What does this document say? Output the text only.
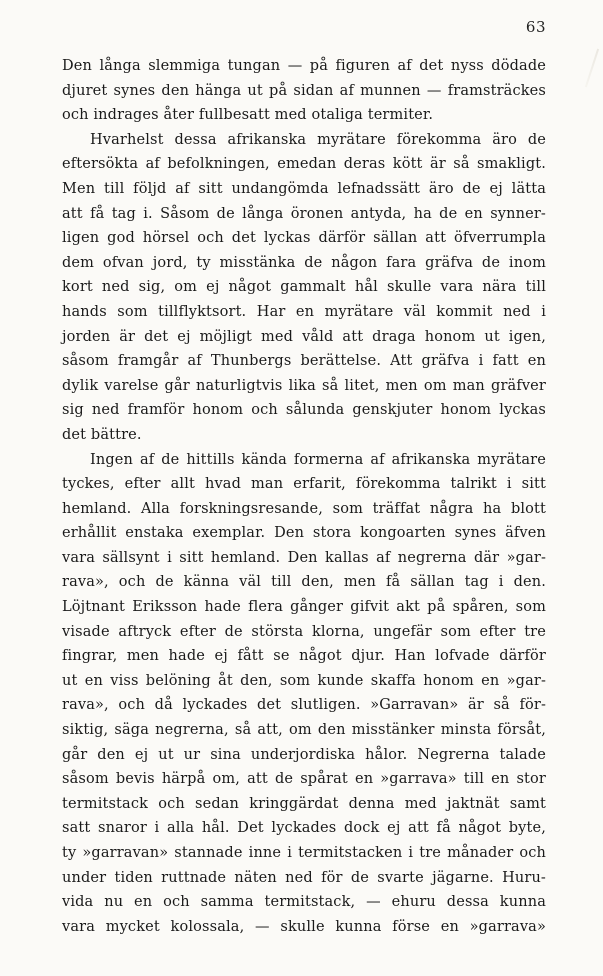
63
Den långa slemmiga tungan — på figuren af det nyss dödade
djuret synes den hänga ut på sidan af munnen — framsträckes
och indrages åter fullbesatt med otaliga termiter.
Hvarhelst dessa afrikanska myrätare förekomma äro de
eftersökta af befolkningen, emedan deras kött är så smakligt.
Men till följd af sitt undangömda lefnadssätt äro de ej lätta
att få tag i. Såsom de långa öronen antyda, ha de en synner-
ligen god hörsel och det lyckas därför sällan att öfverrumpla
dem ofvan jord, ty misstänka de någon fara gräfva de inom
kort ned sig, om ej något gammalt hål skulle vara nära till
hands som tillflyktsort. Har en myrätare väl kommit ned i
jorden är det ej möjligt med våld att draga honom ut igen,
såsom framgår af Thunbergs berättelse. Att gräfva i fatt en
dylik varelse går naturligtvis lika så litet, men om man gräfver
sig ned framför honom och sålunda genskjuter honom lyckas
det bättre.
Ingen af de hittills kända formerna af afrikanska myrätare
tyckes, efter allt hvad man erfarit, förekomma talrikt i sitt
hemland. Alla forskningsresande, som träffat några ha blott
erhållit enstaka exemplar. Den stora kongoarten synes äfven
vara sällsynt i sitt hemland. Den kallas af negrerna där »gar-
rava», och de känna väl till den, men få sällan tag i den.
Löjtnant Eriksson hade flera gånger gifvit akt på spåren, som
visade aftryck efter de största klorna, ungefär som efter tre
fingrar, men hade ej fått se något djur. Han lofvade därför
ut en viss belöning åt den, som kunde skaffa honom en »gar-
rava», och då lyckades det slutligen. »Garravan» är så för-
siktig, säga negrerna, så att, om den misstänker minsta försåt,
går den ej ut ur sina underjordiska hålor. Negrerna talade
såsom bevis härpå om, att de spårat en »garrava» till en stor
termitstack och sedan kringgärdat denna med jaktnät samt
satt snaror i alla hål. Det lyckades dock ej att få något byte,
ty »garravan» stannade inne i termitstacken i tre månader och
under tiden ruttnade näten ned för de svarte jägarne. Huru-
vida nu en och samma termitstack, — ehuru dessa kunna
vara mycket kolossala, — skulle kunna förse en »garrava»
